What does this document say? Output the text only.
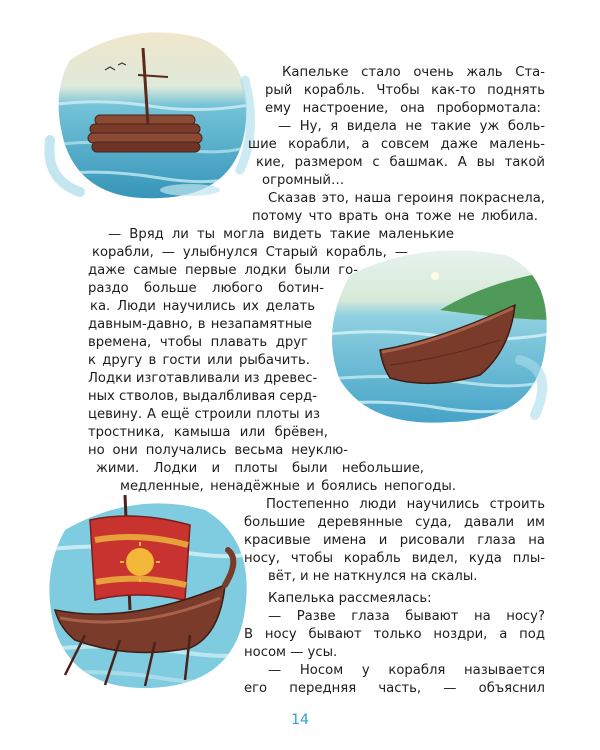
Капельке стало очень жаль Ста-
рый корабль. Чтобы как-то поднять
ему настроение, она пробормотала:
— Ну, я видела не такие уж боль-
шие корабли, а совсем даже малень-
кие, размером с башмак. А вы такой
огромный…
Сказав это, наша героиня покраснела,
потому что врать она тоже не любила.
— Вряд ли ты могла видеть такие маленькие
корабли, — улыбнулся Старый корабль, —
даже самые первые лодки были го-
раздо больше любого ботин-
ка. Люди научились их делать
давным-давно, в незапамятные
времена, чтобы плавать друг
к другу в гости или рыбачить.
Лодки изготавливали из древес-
ных стволов, выдалбливая серд-
цевину. А ещё строили плоты из
тростника, камыша или брёвен,
но они получались весьма неуклю-
жими. Лодки и плоты были небольшие,
медленные, ненадёжные и боялись непогоды.
Постепенно люди научились строить
большие деревянные суда, давали им
красивые имена и рисовали глаза на
носу, чтобы корабль видел, куда плы-
вёт, и не наткнулся на скалы.
Капелька рассмеялась:
— Разве глаза бывают на носу?
В носу бывают только ноздри, а под
носом — усы.
— Носом у корабля называется
его передняя часть, — объяснил
14
